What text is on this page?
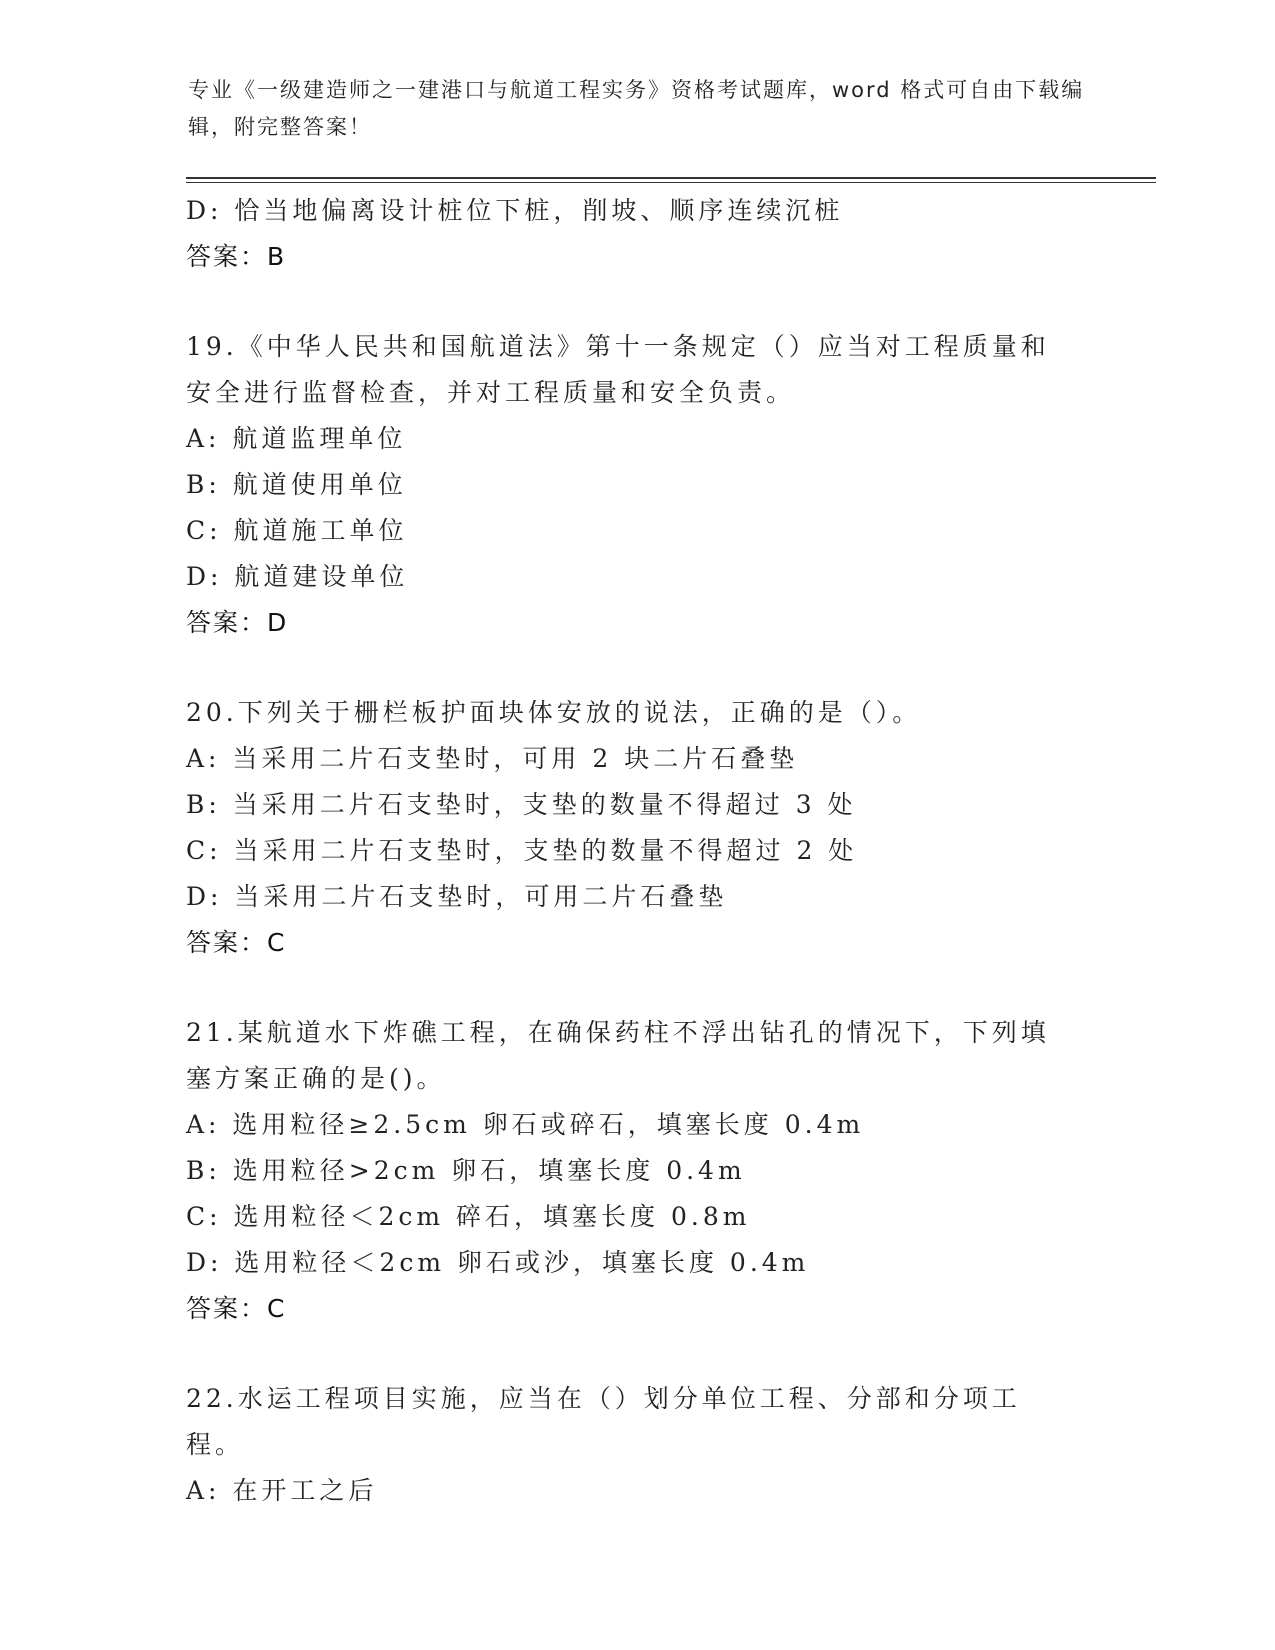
专业《一级建造师之一建港口与航道工程实务》资格考试题库，word 格式可自由下载编辑，附完整答案！
D: 恰当地偏离设计桩位下桩，削坡、顺序连续沉桩
答案：B
19.《中华人民共和国航道法》第十一条规定（）应当对工程质量和安全进行监督检查，并对工程质量和安全负责。
A: 航道监理单位
B: 航道使用单位
C: 航道施工单位
D: 航道建设单位
答案：D
20.下列关于栅栏板护面块体安放的说法，正确的是（）。
A: 当采用二片石支垫时，可用 2 块二片石叠垫
B: 当采用二片石支垫时，支垫的数量不得超过 3 处
C: 当采用二片石支垫时，支垫的数量不得超过 2 处
D: 当采用二片石支垫时，可用二片石叠垫
答案：C
21.某航道水下炸礁工程，在确保药柱不浮出钻孔的情况下，下列填塞方案正确的是()。
A: 选用粒径≥2.5cm 卵石或碎石，填塞长度 0.4m
B: 选用粒径>2cm 卵石，填塞长度 0.4m
C: 选用粒径＜2cm 碎石，填塞长度 0.8m
D: 选用粒径＜2cm 卵石或沙，填塞长度 0.4m
答案：C
22.水运工程项目实施，应当在（）划分单位工程、分部和分项工程。
A: 在开工之后
